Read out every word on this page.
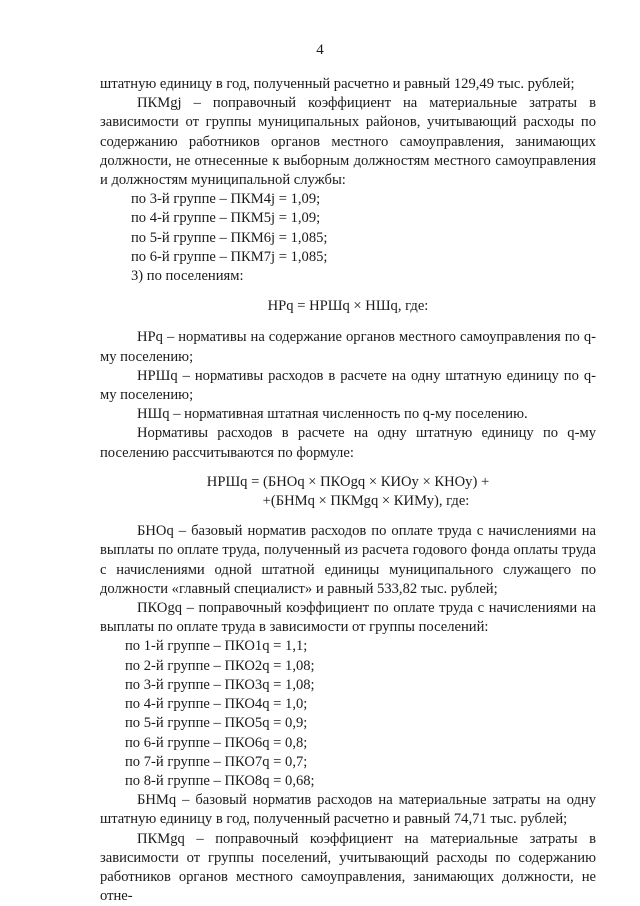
4

штатную единицу в год, полученный расчетно и равный 129,49 тыс. рублей;

ПКМgj – поправочный коэффициент на материальные затраты в зависимости от группы муниципальных районов, учитывающий расходы по содержанию работников органов местного самоуправления, занимающих должности, не отнесенные к выборным должностям местного самоуправления и должностям муниципальной службы:

по 3-й группе – ПКМ4j = 1,09;

по 4-й группе – ПКМ5j = 1,09;

по 5-й группе – ПКМ6j = 1,085;

по 6-й группе – ПКМ7j = 1,085;

3) по поселениям:

НРq = НРШq × НШq, где:

НРq – нормативы на содержание органов местного самоуправления по q-му поселению;

НРШq – нормативы расходов в расчете на одну штатную единицу по q-му поселению;

НШq – нормативная штатная численность по q-му поселению.

Нормативы расходов в расчете на одну штатную единицу по q-му поселению рассчитываются по формуле:

НРШq = (БНОq × ПКОgq × КИОу × КНОу) +
+(БНМq × ПКМgq × КИМу), где:

БНОq – базовый норматив расходов по оплате труда с начислениями на выплаты по оплате труда, полученный из расчета годового фонда оплаты труда с начислениями одной штатной единицы муниципального служащего по должности «главный специалист» и равный 533,82 тыс. рублей;

ПКОgq – поправочный коэффициент по оплате труда с начислениями на выплаты по оплате труда в зависимости от группы поселений:

по 1-й группе – ПКО1q = 1,1;

по 2-й группе – ПКО2q = 1,08;

по 3-й группе – ПКО3q = 1,08;

по 4-й группе – ПКО4q = 1,0;

по 5-й группе – ПКО5q = 0,9;

по 6-й группе – ПКО6q = 0,8;

по 7-й группе – ПКО7q = 0,7;

по 8-й группе – ПКО8q = 0,68;

БНМq – базовый норматив расходов на материальные затраты на одну штатную единицу в год, полученный расчетно и равный 74,71 тыс. рублей;

ПКМgq – поправочный коэффициент на материальные затраты в зависимости от группы поселений, учитывающий расходы по содержанию работников органов местного самоуправления, занимающих должности, не отне-
